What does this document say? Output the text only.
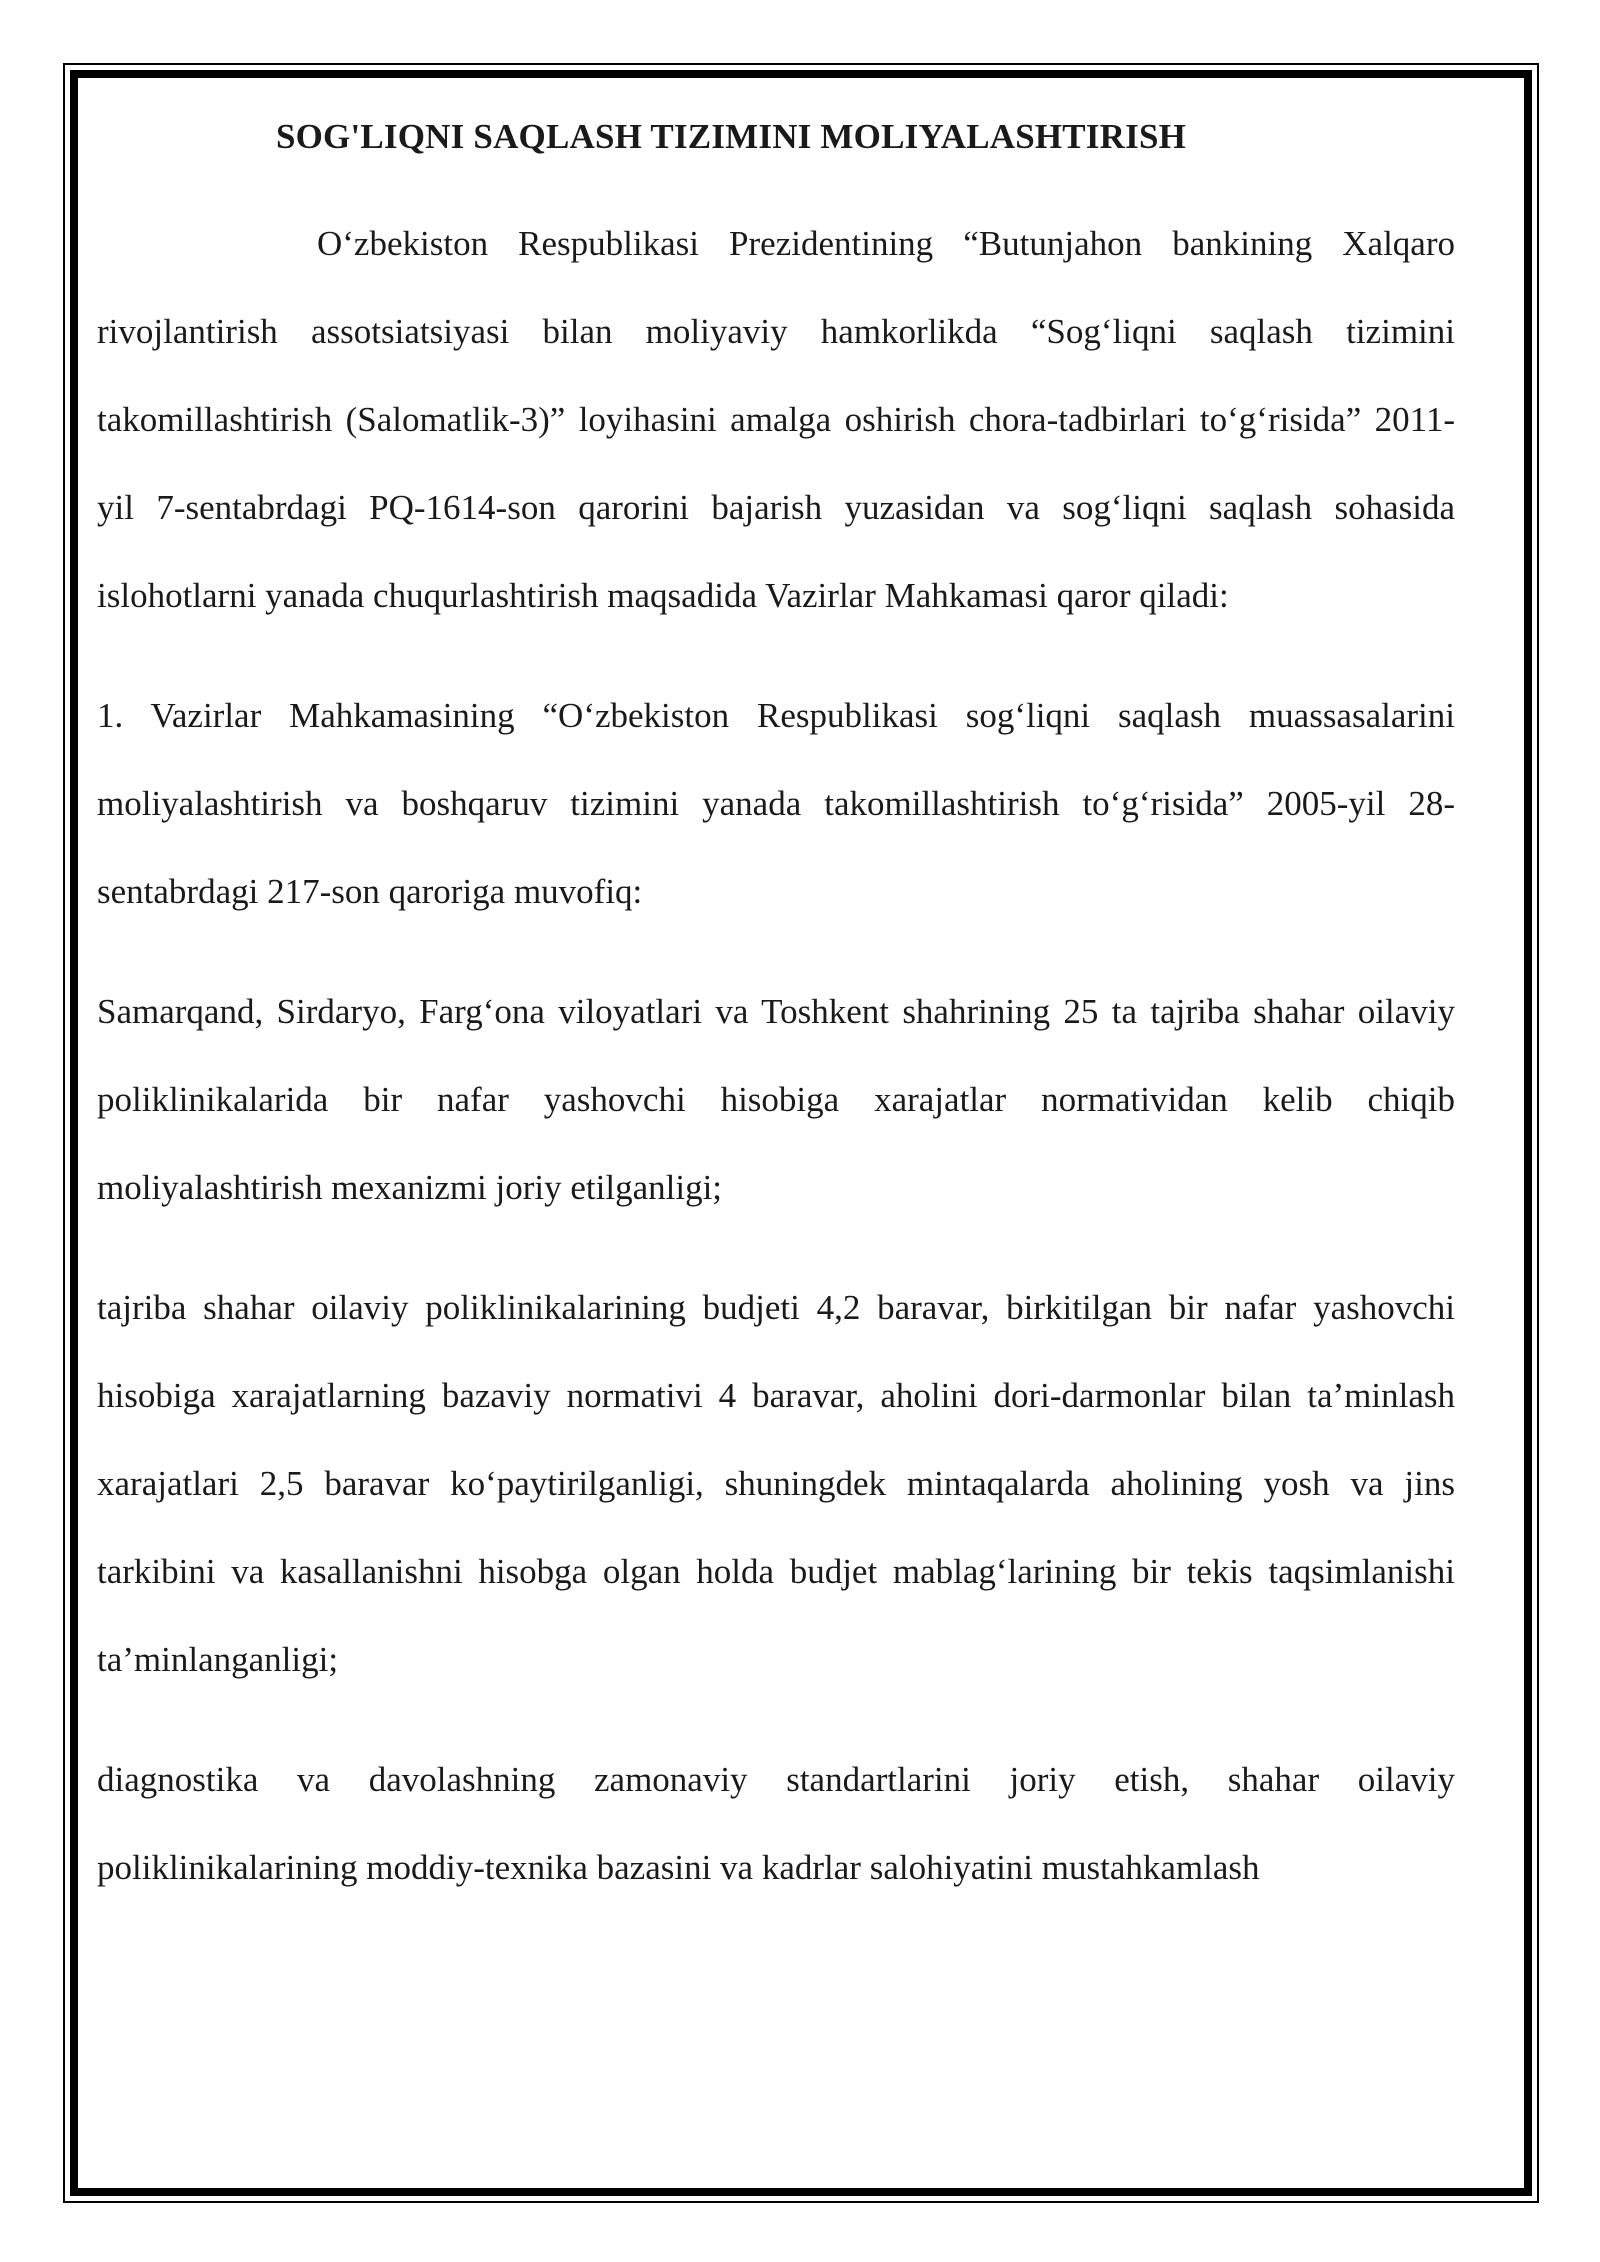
SOG'LIQNI SAQLASH TIZIMINI MOLIYALASHTIRISH

O‘zbekiston Respublikasi Prezidentining “Butunjahon bankining Xalqaro rivojlantirish assotsiatsiyasi bilan moliyaviy hamkorlikda “Sog‘liqni saqlash tizimini takomillashtirish (Salomatlik-3)” loyihasini amalga oshirish chora-tadbirlari to‘g‘risida” 2011-yil 7-sentabrdagi PQ-1614-son qarorini bajarish yuzasidan va sog‘liqni saqlash sohasida islohotlarni yanada chuqurlashtirish maqsadida Vazirlar Mahkamasi qaror qiladi:

1. Vazirlar Mahkamasining “O‘zbekiston Respublikasi sog‘liqni saqlash muassasalarini moliyalashtirish va boshqaruv tizimini yanada takomillashtirish to‘g‘risida” 2005-yil 28-sentabrdagi 217-son qaroriga muvofiq:

Samarqand, Sirdaryo, Farg‘ona viloyatlari va Toshkent shahrining 25 ta tajriba shahar oilaviy poliklinikalarida bir nafar yashovchi hisobiga xarajatlar normatividan kelib chiqib moliyalashtirish mexanizmi joriy etilganligi;

tajriba shahar oilaviy poliklinikalarining budjeti 4,2 baravar, birkitilgan bir nafar yashovchi hisobiga xarajatlarning bazaviy normativi 4 baravar, aholini dori-darmonlar bilan ta’minlash xarajatlari 2,5 baravar ko‘paytirilganligi, shuningdek mintaqalarda aholining yosh va jins tarkibini va kasallanishni hisobga olgan holda budjet mablag‘larining bir tekis taqsimlanishi ta’minlanganligi;

diagnostika va davolashning zamonaviy standartlarini joriy etish, shahar oilaviy poliklinikalarining moddiy-texnika bazasini va kadrlar salohiyatini mustahkamlash
